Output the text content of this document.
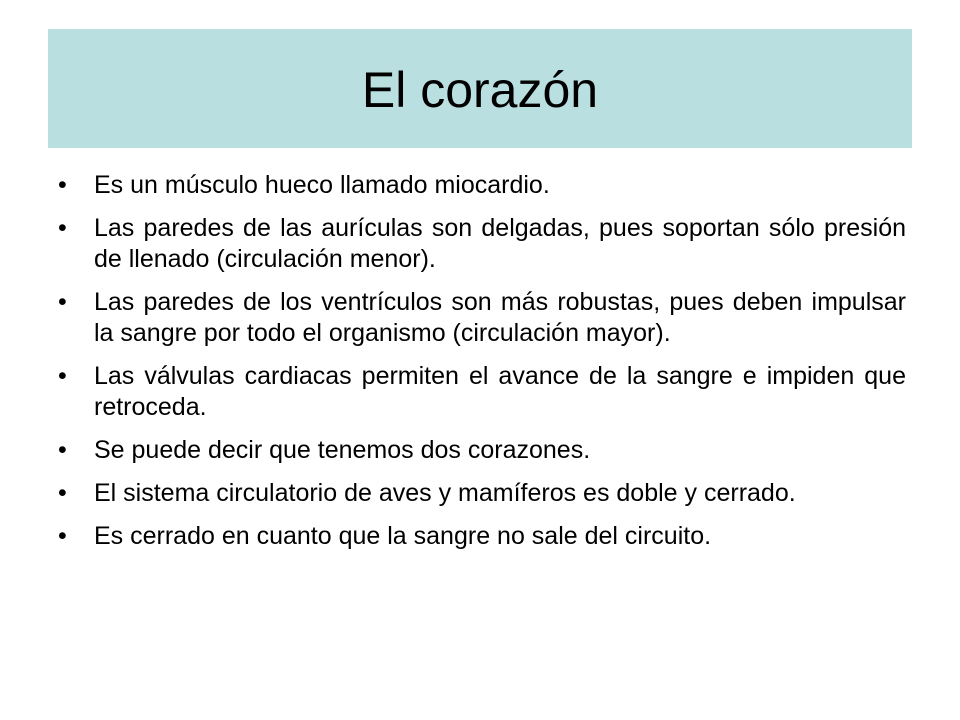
El corazón
• Es un músculo hueco llamado miocardio.
• Las paredes de las aurículas son delgadas, pues soportan sólo presión de llenado (circulación menor).
• Las paredes de los ventrículos son más robustas, pues deben impulsar la sangre por todo el organismo (circulación mayor).
• Las válvulas cardiacas permiten el avance de la sangre e impiden que retroceda.
• Se puede decir que tenemos dos corazones.
• El sistema circulatorio de aves y mamíferos es doble y cerrado.
• Es cerrado en cuanto que la sangre no sale del circuito.
